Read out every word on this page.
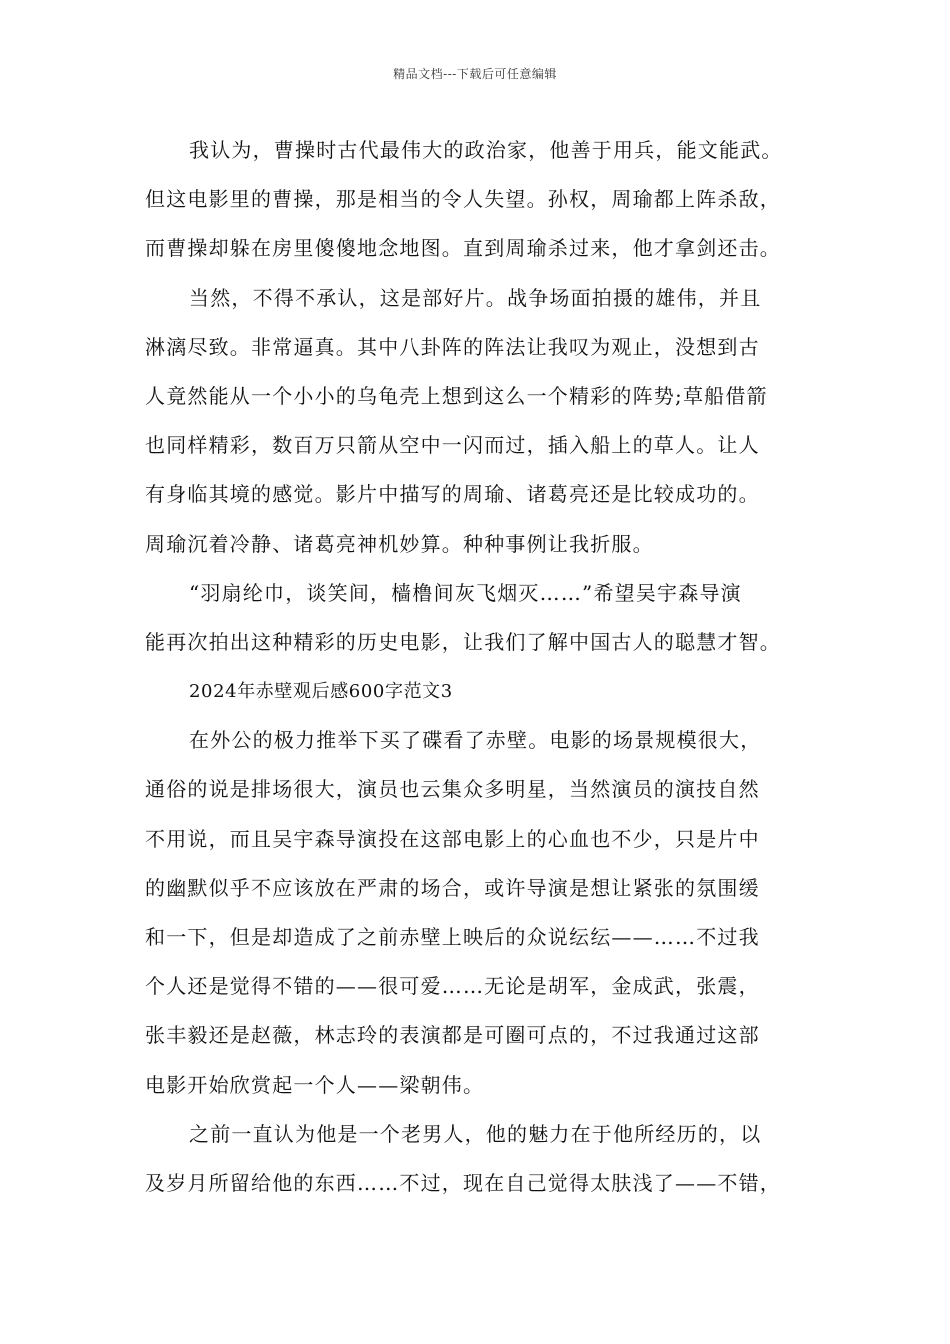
精品文档---下载后可任意编辑
我认为，曹操时古代最伟大的政治家，他善于用兵，能文能武。
但这电影里的曹操，那是相当的令人失望。孙权，周瑜都上阵杀敌，
而曹操却躲在房里傻傻地念地图。直到周瑜杀过来，他才拿剑还击。
当然，不得不承认，这是部好片。战争场面拍摄的雄伟，并且
淋漓尽致。非常逼真。其中八卦阵的阵法让我叹为观止，没想到古
人竟然能从一个小小的乌龟壳上想到这么一个精彩的阵势;草船借箭
也同样精彩，数百万只箭从空中一闪而过，插入船上的草人。让人
有身临其境的感觉。影片中描写的周瑜、诸葛亮还是比较成功的。
周瑜沉着冷静、诸葛亮神机妙算。种种事例让我折服。
“羽扇纶巾，谈笑间，樯橹间灰飞烟灭……”希望吴宇森导演
能再次拍出这种精彩的历史电影，让我们了解中国古人的聪慧才智。
2024年赤壁观后感600字范文3
在外公的极力推举下买了碟看了赤壁。电影的场景规模很大，
通俗的说是排场很大，演员也云集众多明星，当然演员的演技自然
不用说，而且吴宇森导演投在这部电影上的心血也不少，只是片中
的幽默似乎不应该放在严肃的场合，或许导演是想让紧张的氛围缓
和一下，但是却造成了之前赤壁上映后的众说纭纭——……不过我
个人还是觉得不错的——很可爱……无论是胡军，金成武，张震，
张丰毅还是赵薇，林志玲的表演都是可圈可点的，不过我通过这部
电影开始欣赏起一个人——梁朝伟。
之前一直认为他是一个老男人，他的魅力在于他所经历的，以
及岁月所留给他的东西……不过，现在自己觉得太肤浅了——不错，
